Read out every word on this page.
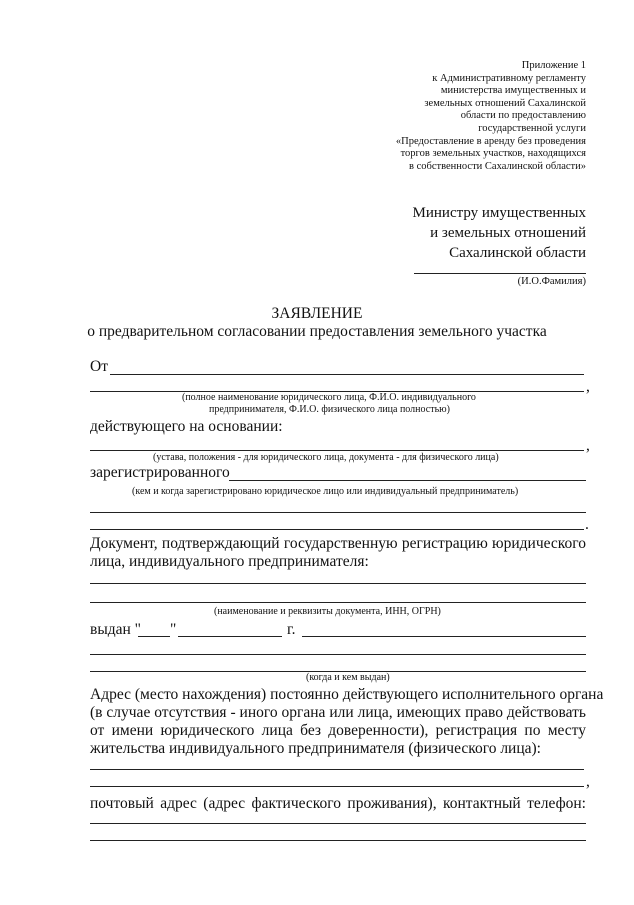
Приложение 1
к Административному регламенту
министерства имущественных и
земельных отношений Сахалинской
области по предоставлению
государственной услуги
«Предоставление в аренду без проведения
торгов земельных участков, находящихся
в собственности Сахалинской области»
Министру имущественных
и земельных отношений
Сахалинской области
(И.О.Фамилия)
ЗАЯВЛЕНИЕ
о предварительном согласовании предоставления земельного участка
От
,
(полное наименование юридического лица, Ф.И.О. индивидуального
предпринимателя, Ф.И.О. физического лица полностью)
действующего на основании:
,
(устава, положения - для юридического лица, документа - для физического лица)
зарегистрированного
(кем и когда зарегистрировано юридическое лицо или индивидуальный предприниматель)
.
Документ, подтверждающий государственную регистрацию юридического
лица, индивидуального предпринимателя:
(наименование и реквизиты документа, ИНН, ОГРН)
выдан " "	г.
(когда и кем выдан)
Адрес (место нахождения) постоянно действующего исполнительного органа
(в случае отсутствия - иного органа или лица, имеющих право действовать
от имени юридического лица без доверенности), регистрация по месту
жительства индивидуального предпринимателя (физического лица):
,
почтовый адрес (адрес фактического проживания), контактный телефон:
